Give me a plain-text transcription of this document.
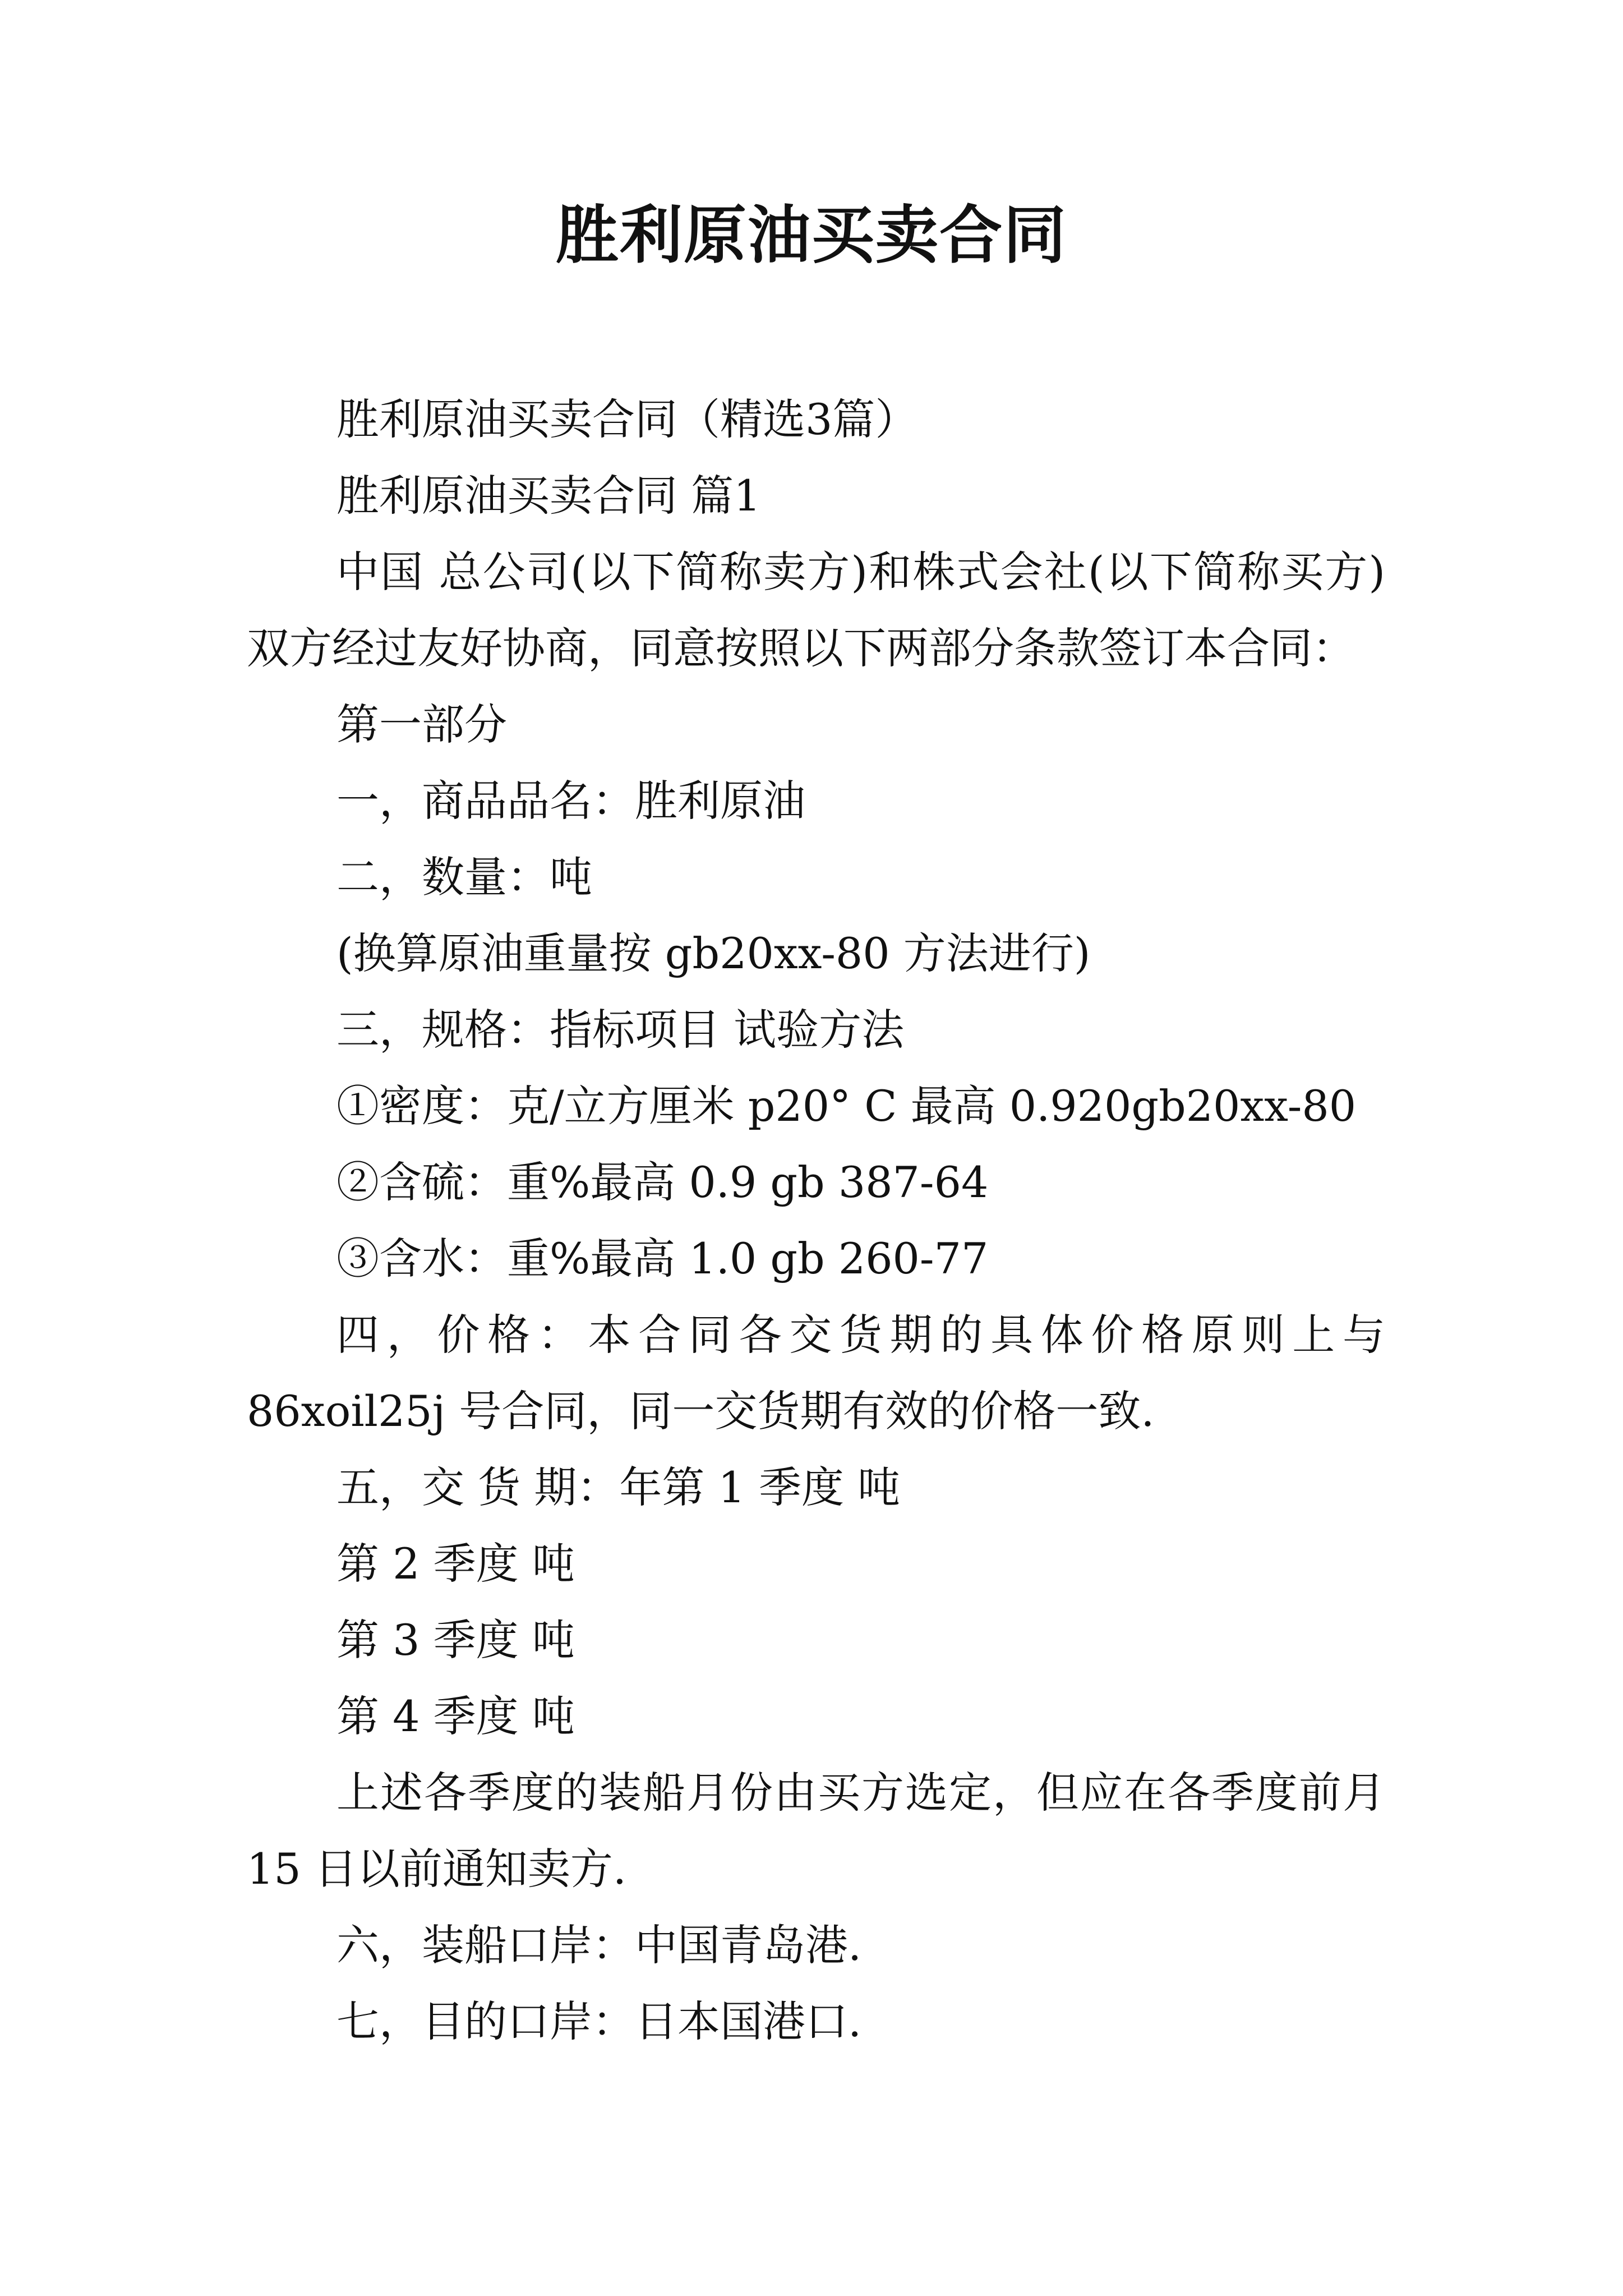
胜利原油买卖合同

胜利原油买卖合同（精选3篇）

胜利原油买卖合同 篇1

中国 总公司(以下简称卖方)和株式会社(以下简称买方)

双方经过友好协商，同意按照以下两部分条款签订本合同：

第一部分

一，商品品名：胜利原油

二，数量：吨

(换算原油重量按 gb20xx-80 方法进行)

三，规格：指标项目 试验方法

①密度：克/立方厘米 p20° C 最高 0.920gb20xx-80

②含硫：重%最高 0.9 gb 387-64

③含水：重%最高 1.0 gb 260-77

四，价格：本合同各交货期的具体价格原则上与

86xoil25j 号合同，同一交货期有效的价格一致.

五，交 货 期：年第 1 季度 吨

第 2 季度 吨

第 3 季度 吨

第 4 季度 吨

上述各季度的装船月份由买方选定，但应在各季度前月

15 日以前通知卖方.

六，装船口岸：中国青岛港.

七，目的口岸：日本国港口.
